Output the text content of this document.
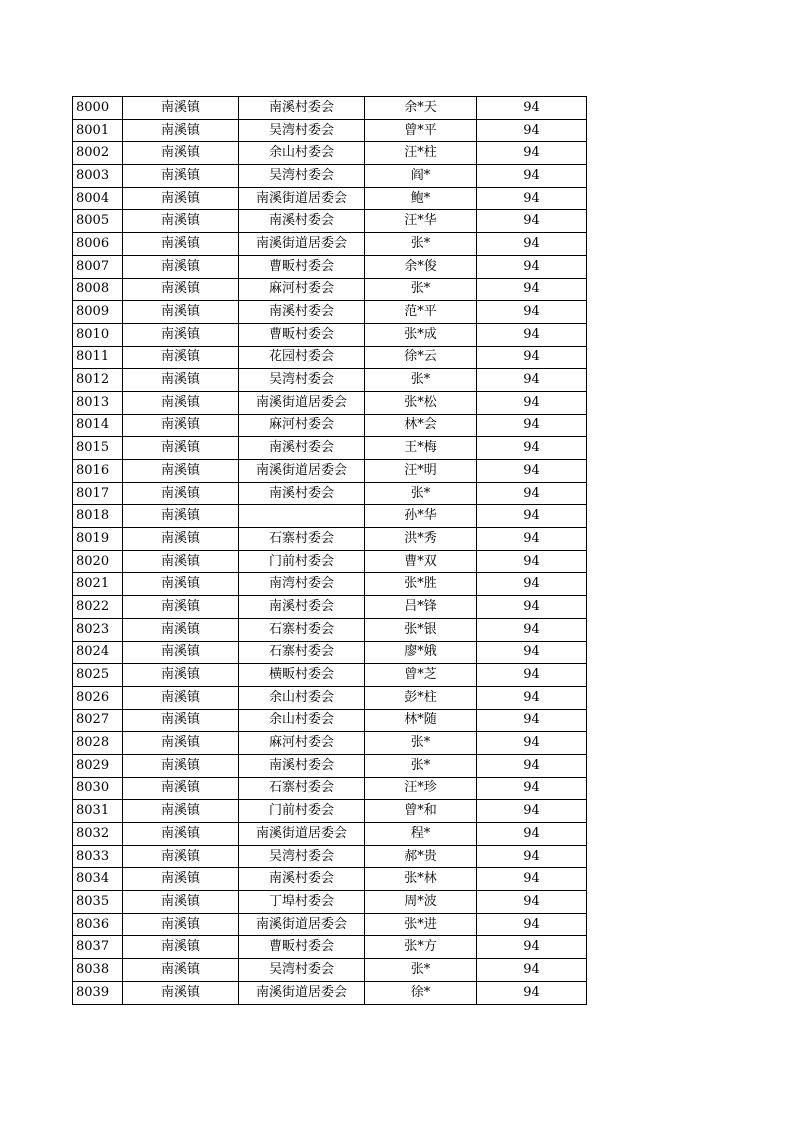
8000	南溪镇	南溪村委会	余*天	94
8001	南溪镇	吴湾村委会	曾*平	94
8002	南溪镇	余山村委会	汪*柱	94
8003	南溪镇	吴湾村委会	阎*	94
8004	南溪镇	南溪街道居委会	鲍*	94
8005	南溪镇	南溪村委会	汪*华	94
8006	南溪镇	南溪街道居委会	张*	94
8007	南溪镇	曹畈村委会	余*俊	94
8008	南溪镇	麻河村委会	张*	94
8009	南溪镇	南溪村委会	范*平	94
8010	南溪镇	曹畈村委会	张*成	94
8011	南溪镇	花园村委会	徐*云	94
8012	南溪镇	吴湾村委会	张*	94
8013	南溪镇	南溪街道居委会	张*松	94
8014	南溪镇	麻河村委会	林*会	94
8015	南溪镇	南溪村委会	王*梅	94
8016	南溪镇	南溪街道居委会	汪*明	94
8017	南溪镇	南溪村委会	张*	94
8018	南溪镇		孙*华	94
8019	南溪镇	石寨村委会	洪*秀	94
8020	南溪镇	门前村委会	曹*双	94
8021	南溪镇	南湾村委会	张*胜	94
8022	南溪镇	南溪村委会	吕*锋	94
8023	南溪镇	石寨村委会	张*银	94
8024	南溪镇	石寨村委会	廖*娥	94
8025	南溪镇	横畈村委会	曾*芝	94
8026	南溪镇	余山村委会	彭*柱	94
8027	南溪镇	余山村委会	林*随	94
8028	南溪镇	麻河村委会	张*	94
8029	南溪镇	南溪村委会	张*	94
8030	南溪镇	石寨村委会	汪*珍	94
8031	南溪镇	门前村委会	曾*和	94
8032	南溪镇	南溪街道居委会	程*	94
8033	南溪镇	吴湾村委会	郝*贵	94
8034	南溪镇	南溪村委会	张*林	94
8035	南溪镇	丁埠村委会	周*波	94
8036	南溪镇	南溪街道居委会	张*进	94
8037	南溪镇	曹畈村委会	张*方	94
8038	南溪镇	吴湾村委会	张*	94
8039	南溪镇	南溪街道居委会	徐*	94
